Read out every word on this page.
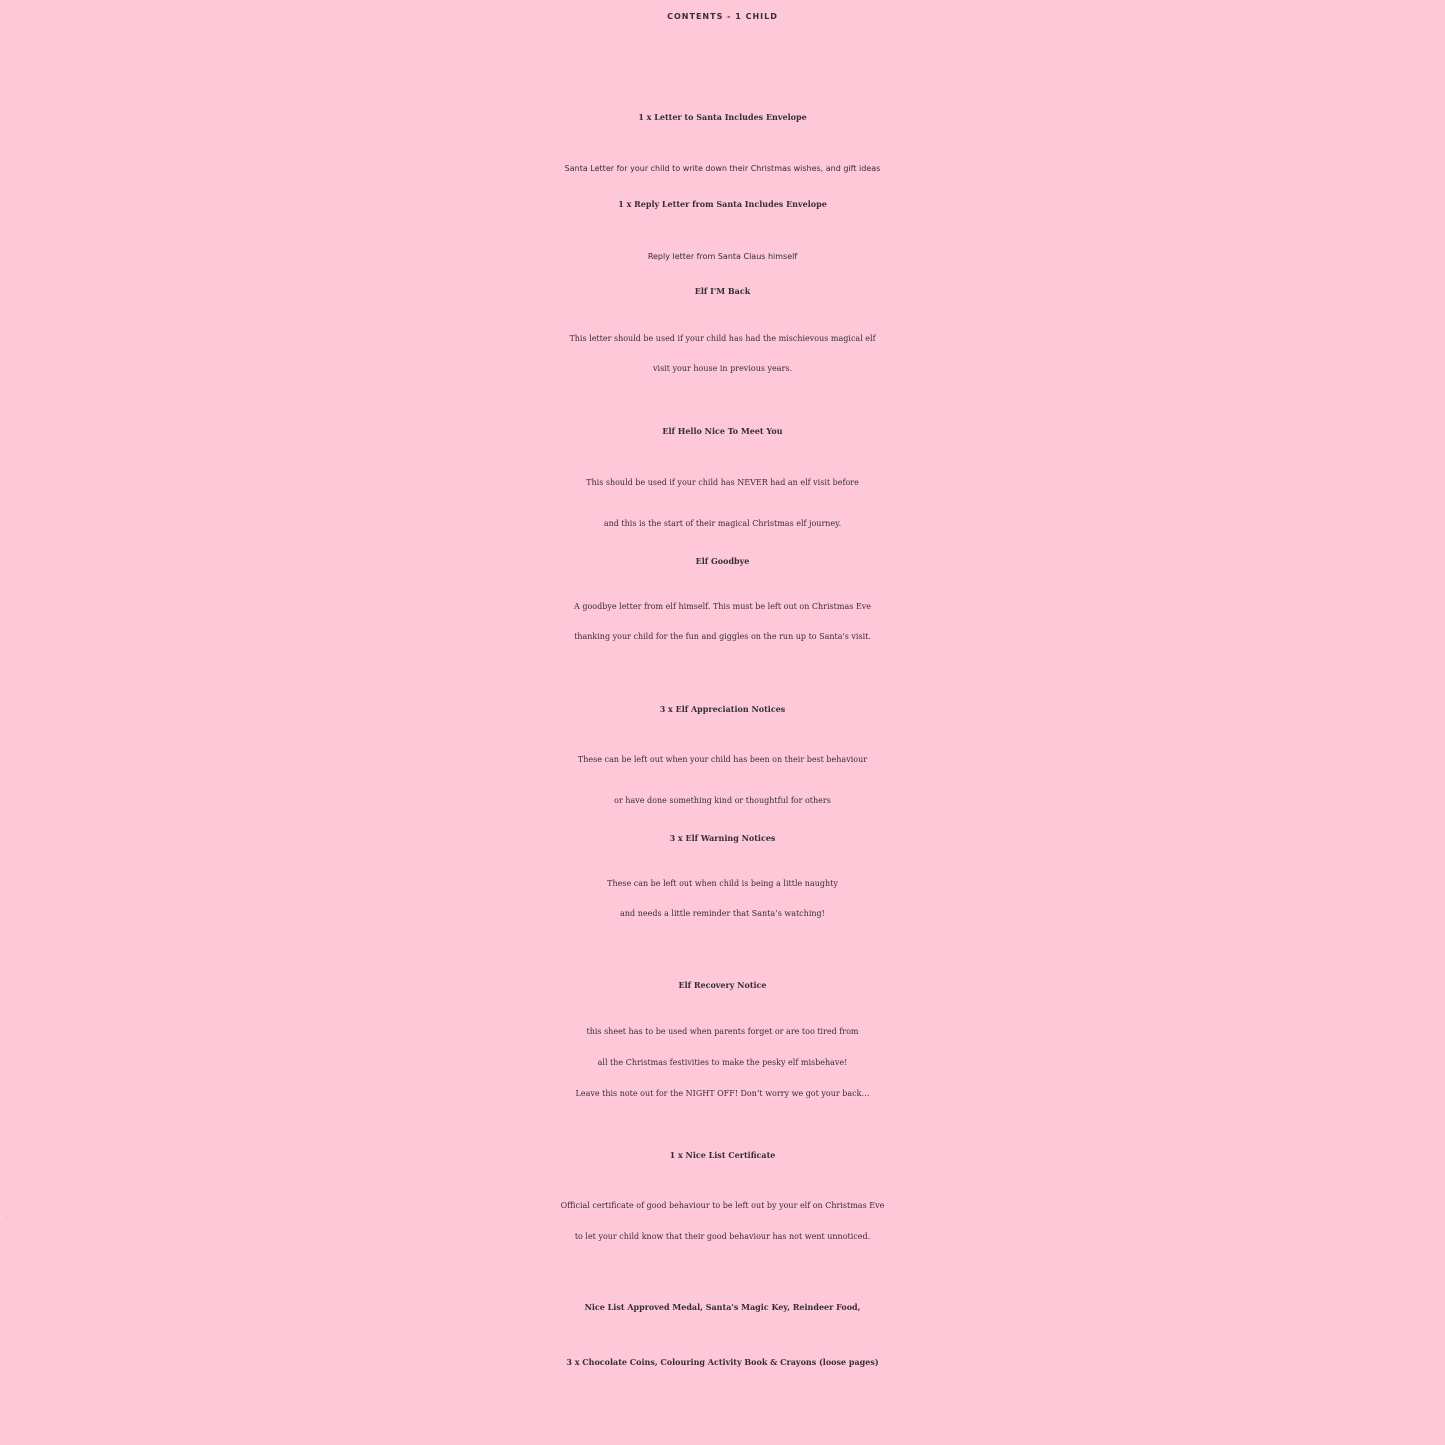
CONTENTS - 1 CHILD
1 x Letter to Santa Includes Envelope
Santa Letter for your child to write down their Christmas wishes, and gift ideas
1 x Reply Letter from Santa Includes Envelope
Reply letter from Santa Claus himself
Elf I'M Back
This letter should be used if your child has had the mischievous magical elf
visit your house in previous years.
Elf Hello Nice To Meet You
This should be used if your child has NEVER had an elf visit before
and this is the start of their magical Christmas elf journey.
Elf Goodbye
A goodbye letter from elf himself. This must be left out on Christmas Eve
thanking your child for the fun and giggles on the run up to Santa's visit.
3 x Elf Appreciation Notices
These can be left out when your child has been on their best behaviour
or have done something kind or thoughtful for others
3 x Elf Warning Notices
These can be left out when child is being a little naughty
and needs a little reminder that Santa’s watching!
Elf Recovery Notice
this sheet has to be used when parents forget or are too tired from
all the Christmas festivities to make the pesky elf misbehave!
Leave this note out for the NIGHT OFF! Don’t worry we got your back…
1 x Nice List Certificate
Official certificate of good behaviour to be left out by your elf on Christmas Eve
to let your child know that their good behaviour has not went unnoticed.
Nice List Approved Medal, Santa's Magic Key, Reindeer Food,
3 x Chocolate Coins, Colouring Activity Book & Crayons (loose pages)
·
